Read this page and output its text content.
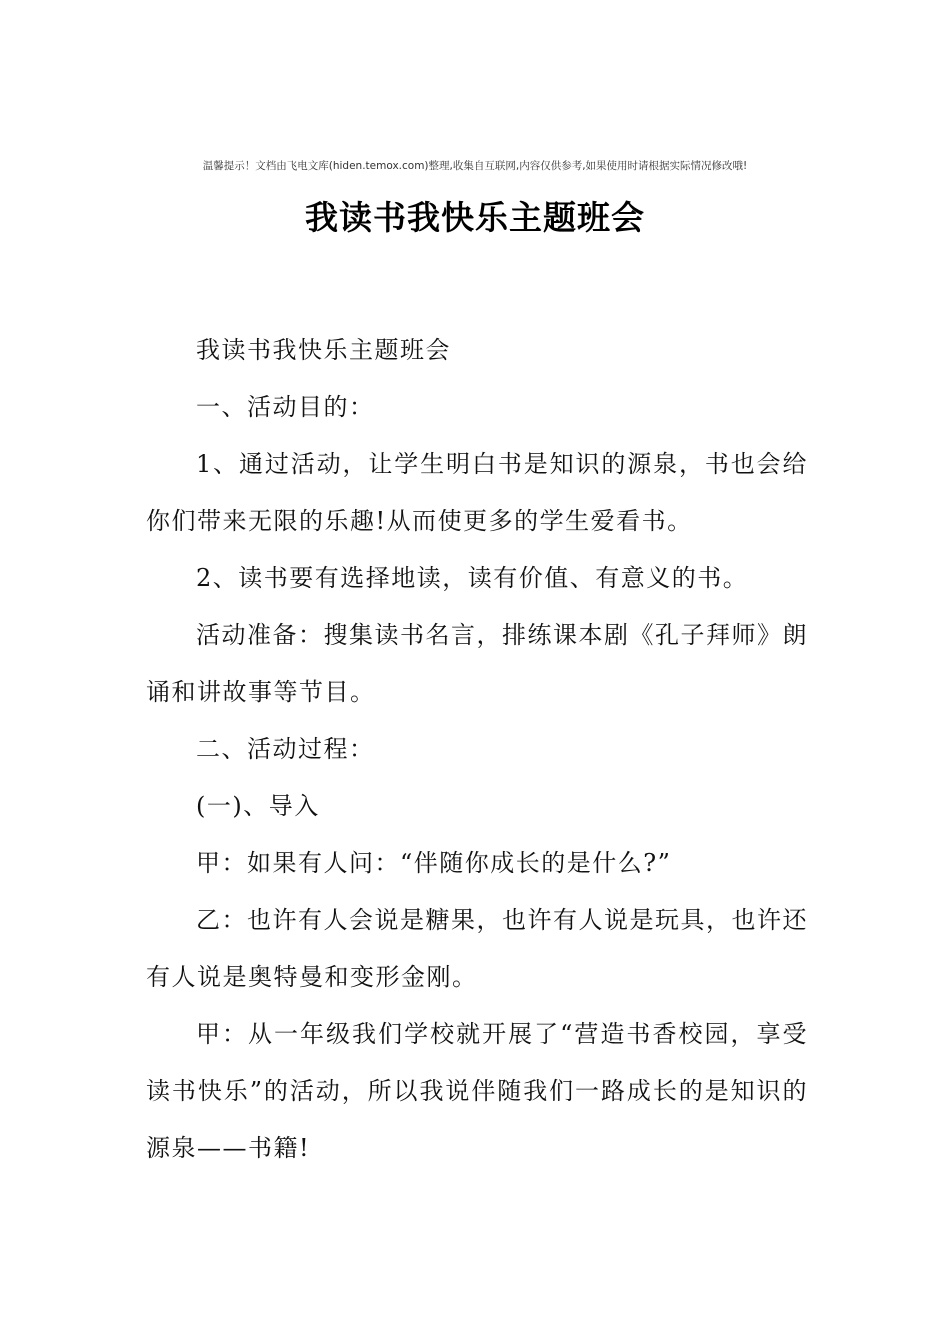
温馨提示！文档由飞电文库(hiden.temox.com)整理,收集自互联网,内容仅供参考,如果使用时请根据实际情况修改哦!
我读书我快乐主题班会

我读书我快乐主题班会

一、活动目的：

1、通过活动，让学生明白书是知识的源泉，书也会给你们带来无限的乐趣!从而使更多的学生爱看书。

2、读书要有选择地读，读有价值、有意义的书。

活动准备：搜集读书名言，排练课本剧《孔子拜师》朗诵和讲故事等节目。

二、活动过程：

(一)、导入

甲：如果有人问：“伴随你成长的是什么?”

乙：也许有人会说是糖果，也许有人说是玩具，也许还有人说是奥特曼和变形金刚。

甲：从一年级我们学校就开展了“营造书香校园，享受读书快乐”的活动，所以我说伴随我们一路成长的是知识的源泉——书籍!
